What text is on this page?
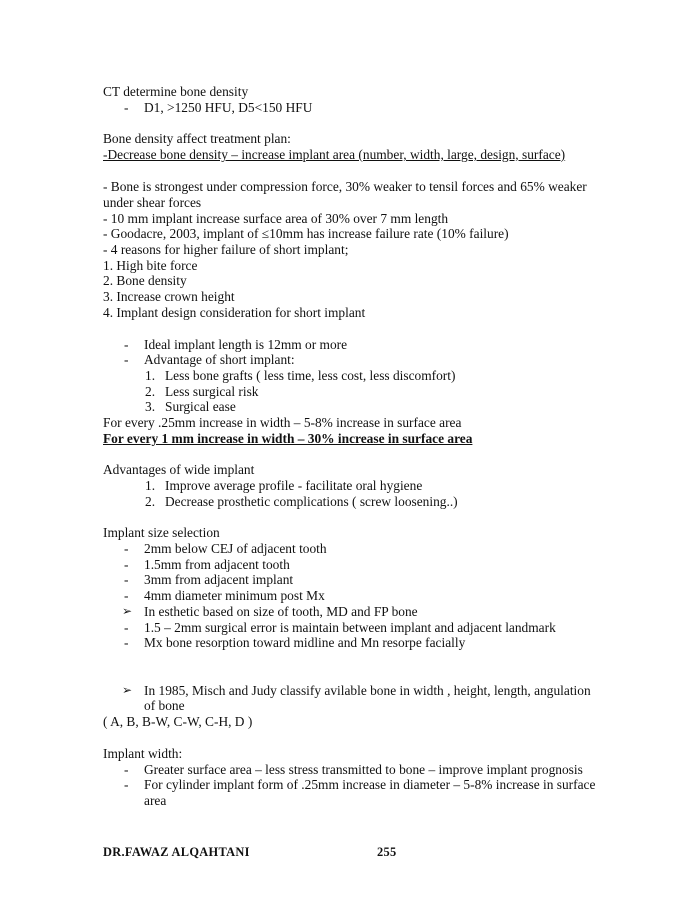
CT determine bone density
- D1, >1250 HFU, D5<150 HFU
Bone density affect treatment plan:
-Decrease bone density – increase implant area (number, width, large, design, surface)
- Bone is strongest under compression force, 30% weaker to tensil forces and 65% weaker
under shear forces
- 10 mm implant increase surface area of 30% over 7 mm length
- Goodacre, 2003, implant of ≤10mm has increase failure rate (10% failure)
- 4 reasons for higher failure of short implant;
1. High bite force
2. Bone density
3. Increase crown height
4. Implant design consideration for short implant
- Ideal implant length is 12mm or more
- Advantage of short implant:
1. Less bone grafts ( less time, less cost, less discomfort)
2. Less surgical risk
3. Surgical ease
For every .25mm increase in width – 5-8% increase in surface area
For every 1 mm increase in width – 30% increase in surface area
Advantages of wide implant
1. Improve average profile - facilitate oral hygiene
2. Decrease prosthetic complications ( screw loosening..)
Implant size selection
- 2mm below CEJ of adjacent tooth
- 1.5mm from adjacent tooth
- 3mm from adjacent implant
- 4mm diameter minimum post Mx
➢ In esthetic based on size of tooth, MD and FP bone
- 1.5 – 2mm surgical error is maintain between implant and adjacent landmark
- Mx bone resorption toward midline and Mn resorpe facially
➢ In 1985, Misch and Judy classify avilable bone in width , height, length, angulation
of bone
( A, B, B-W, C-W, C-H, D )
Implant width:
- Greater surface area – less stress transmitted to bone – improve implant prognosis
- For cylinder implant form of .25mm increase in diameter – 5-8% increase in surface
area
DR.FAWAZ ALQAHTANI	255
